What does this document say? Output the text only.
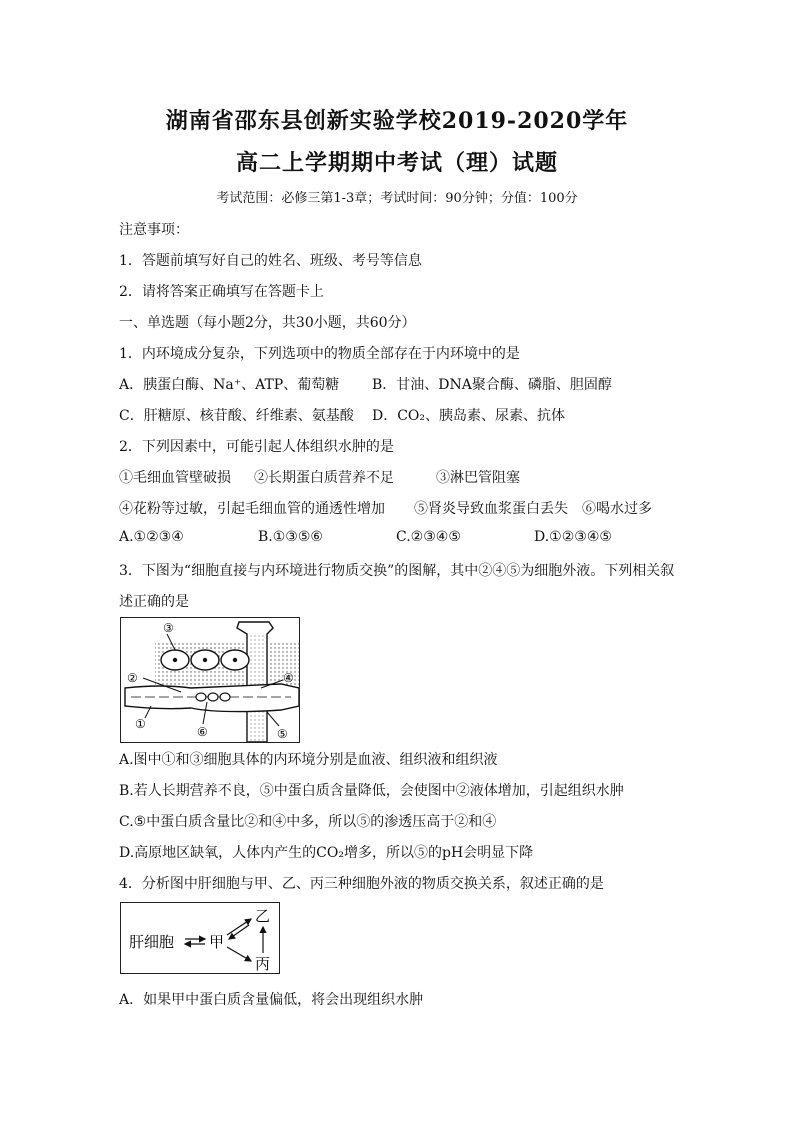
湖南省邵东县创新实验学校2019-2020学年
高二上学期期中考试（理）试题
考试范围：必修三第1-3章；考试时间：90分钟；分值：100分
注意事项：
1．答题前填写好自己的姓名、班级、考号等信息
2．请将答案正确填写在答题卡上
一、单选题（每小题2分，共30小题，共60分）
1．内环境成分复杂，下列选项中的物质全部存在于内环境中的是
A．胰蛋白酶、Na⁺、ATP、葡萄糖 B．甘油、DNA聚合酶、磷脂、胆固醇
C．肝糖原、核苷酸、纤维素、氨基酸 D．CO₂、胰岛素、尿素、抗体
2．下列因素中，可能引起人体组织水肿的是
①毛细血管壁破损 ②长期蛋白质营养不足	③淋巴管阻塞
④花粉等过敏，引起毛细血管的通透性增加 ⑤肾炎导致血浆蛋白丢失 ⑥喝水过多
A.①②③④	B.①③⑤⑥	C.②③④⑤	D.①②③④⑤
3．下图为“细胞直接与内环境进行物质交换”的图解，其中②④⑤为细胞外液。下列相关叙
述正确的是
③
②	④
①
⑥	⑤
A.图中①和③细胞具体的内环境分别是血液、组织液和组织液
B.若人长期营养不良，⑤中蛋白质含量降低，会使图中②液体增加，引起组织水肿
C.⑤中蛋白质含量比②和④中多，所以⑤的渗透压高于②和④
D.高原地区缺氧，人体内产生的CO₂增多，所以⑤的pH会明显下降
4．分析图中肝细胞与甲、乙、丙三种细胞外液的物质交换关系，叙述正确的是
肝细胞 甲
乙
丙
A．如果甲中蛋白质含量偏低，将会出现组织水肿
